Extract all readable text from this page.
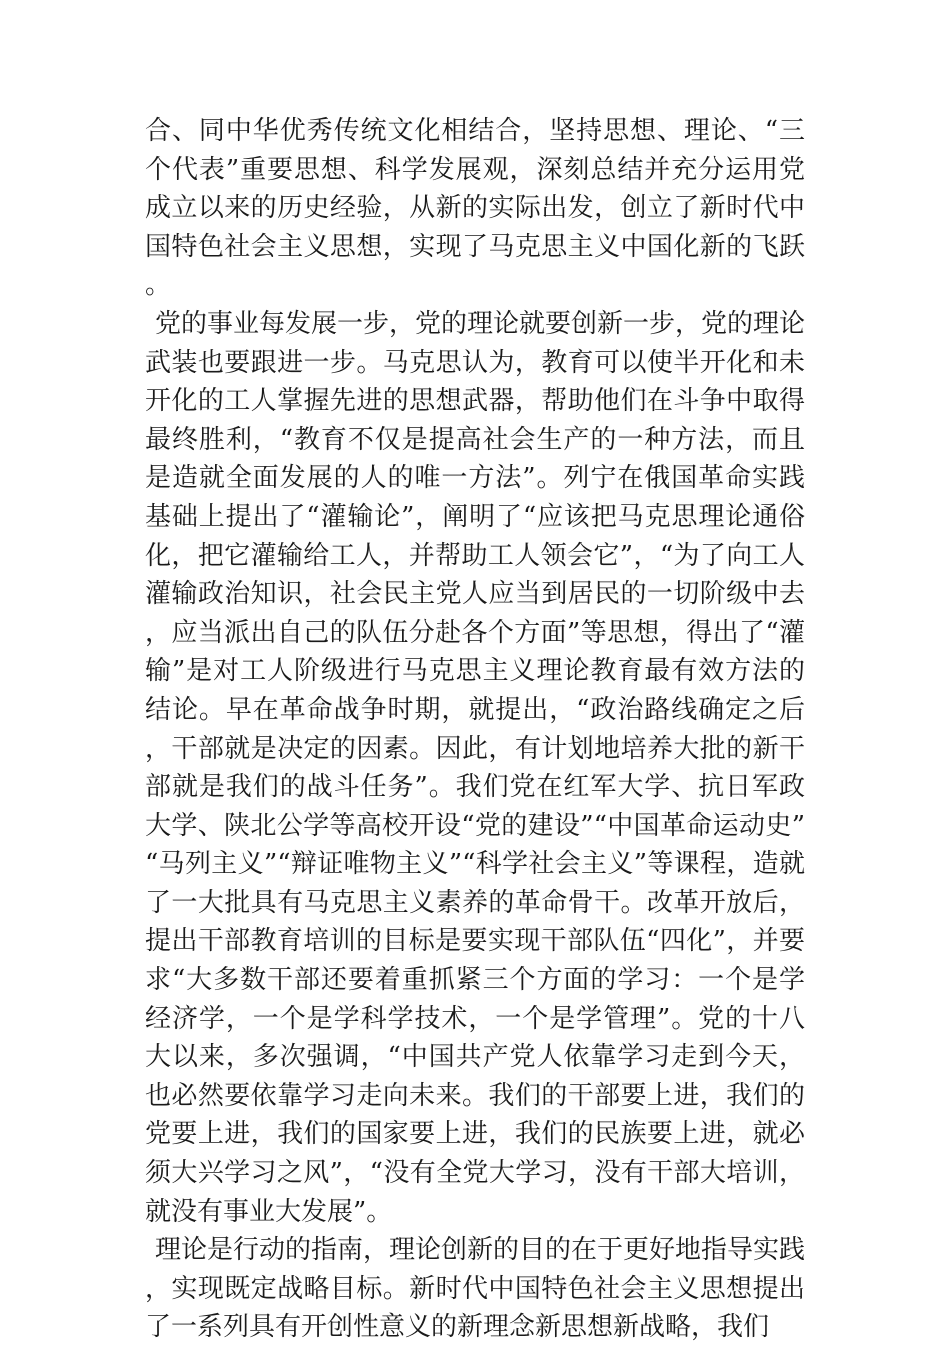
合、同中华优秀传统文化相结合，坚持思想、理论、“三个代表”重要思想、科学发展观，深刻总结并充分运用党成立以来的历史经验，从新的实际出发，创立了新时代中国特色社会主义思想，实现了马克思主义中国化新的飞跃。

党的事业每发展一步，党的理论就要创新一步，党的理论武装也要跟进一步。马克思认为，教育可以使半开化和未开化的工人掌握先进的思想武器，帮助他们在斗争中取得最终胜利，“教育不仅是提高社会生产的一种方法，而且是造就全面发展的人的唯一方法”。列宁在俄国革命实践基础上提出了“灌输论”，阐明了“应该把马克思理论通俗化，把它灌输给工人，并帮助工人领会它”，“为了向工人灌输政治知识，社会民主党人应当到居民的一切阶级中去，应当派出自己的队伍分赴各个方面”等思想，得出了“灌输”是对工人阶级进行马克思主义理论教育最有效方法的结论。早在革命战争时期，就提出，“政治路线确定之后，干部就是决定的因素。因此，有计划地培养大批的新干部就是我们的战斗任务”。我们党在红军大学、抗日军政大学、陕北公学等高校开设“党的建设”“中国革命运动史”“马列主义”“辩证唯物主义”“科学社会主义”等课程，造就了一大批具有马克思主义素养的革命骨干。改革开放后，提出干部教育培训的目标是要实现干部队伍“四化”，并要求“大多数干部还要着重抓紧三个方面的学习：一个是学经济学，一个是学科学技术，一个是学管理”。党的十八大以来，多次强调，“中国共产党人依靠学习走到今天，也必然要依靠学习走向未来。我们的干部要上进，我们的党要上进，我们的国家要上进，我们的民族要上进，就必须大兴学习之风”，“没有全党大学习，没有干部大培训，就没有事业大发展”。

理论是行动的指南，理论创新的目的在于更好地指导实践，实现既定战略目标。新时代中国特色社会主义思想提出了一系列具有开创性意义的新理念新思想新战略，我们
